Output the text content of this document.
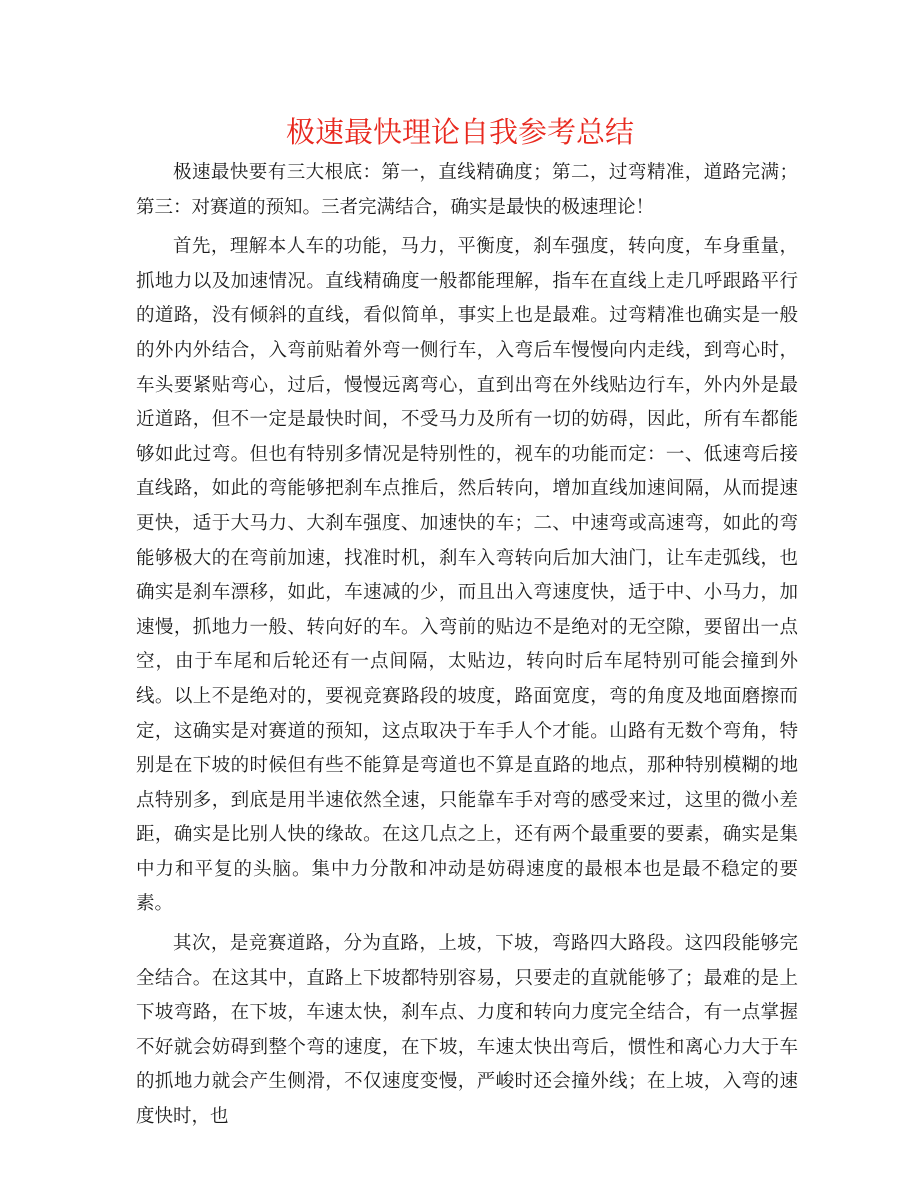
极速最快理论自我参考总结

极速最快要有三大根底：第一，直线精确度；第二，过弯精准，道路完满；第三：对赛道的预知。三者完满结合，确实是最快的极速理论！

首先，理解本人车的功能，马力，平衡度，刹车强度，转向度，车身重量，抓地力以及加速情况。直线精确度一般都能理解，指车在直线上走几呼跟路平行的道路，没有倾斜的直线，看似简单，事实上也是最难。过弯精准也确实是一般的外内外结合，入弯前贴着外弯一侧行车，入弯后车慢慢向内走线，到弯心时，车头要紧贴弯心，过后，慢慢远离弯心，直到出弯在外线贴边行车，外内外是最近道路，但不一定是最快时间，不受马力及所有一切的妨碍，因此，所有车都能够如此过弯。但也有特别多情况是特别性的，视车的功能而定：一、低速弯后接直线路，如此的弯能够把刹车点推后，然后转向，增加直线加速间隔，从而提速更快，适于大马力、大刹车强度、加速快的车；二、中速弯或高速弯，如此的弯能够极大的在弯前加速，找准时机，刹车入弯转向后加大油门，让车走弧线，也确实是刹车漂移，如此，车速减的少，而且出入弯速度快，适于中、小马力，加速慢，抓地力一般、转向好的车。入弯前的贴边不是绝对的无空隙，要留出一点空，由于车尾和后轮还有一点间隔，太贴边，转向时后车尾特别可能会撞到外线。以上不是绝对的，要视竞赛路段的坡度，路面宽度，弯的角度及地面磨擦而定，这确实是对赛道的预知，这点取决于车手人个才能。山路有无数个弯角，特别是在下坡的时候但有些不能算是弯道也不算是直路的地点，那种特别模糊的地点特别多，到底是用半速依然全速，只能靠车手对弯的感受来过，这里的微小差距，确实是比别人快的缘故。在这几点之上，还有两个最重要的要素，确实是集中力和平复的头脑。集中力分散和冲动是妨碍速度的最根本也是最不稳定的要素。

其次，是竞赛道路，分为直路，上坡，下坡，弯路四大路段。这四段能够完全结合。在这其中，直路上下坡都特别容易，只要走的直就能够了；最难的是上下坡弯路，在下坡，车速太快，刹车点、力度和转向力度完全结合，有一点掌握不好就会妨碍到整个弯的速度，在下坡，车速太快出弯后，惯性和离心力大于车的抓地力就会产生侧滑，不仅速度变慢，严峻时还会撞外线；在上坡，入弯的速度快时，也
